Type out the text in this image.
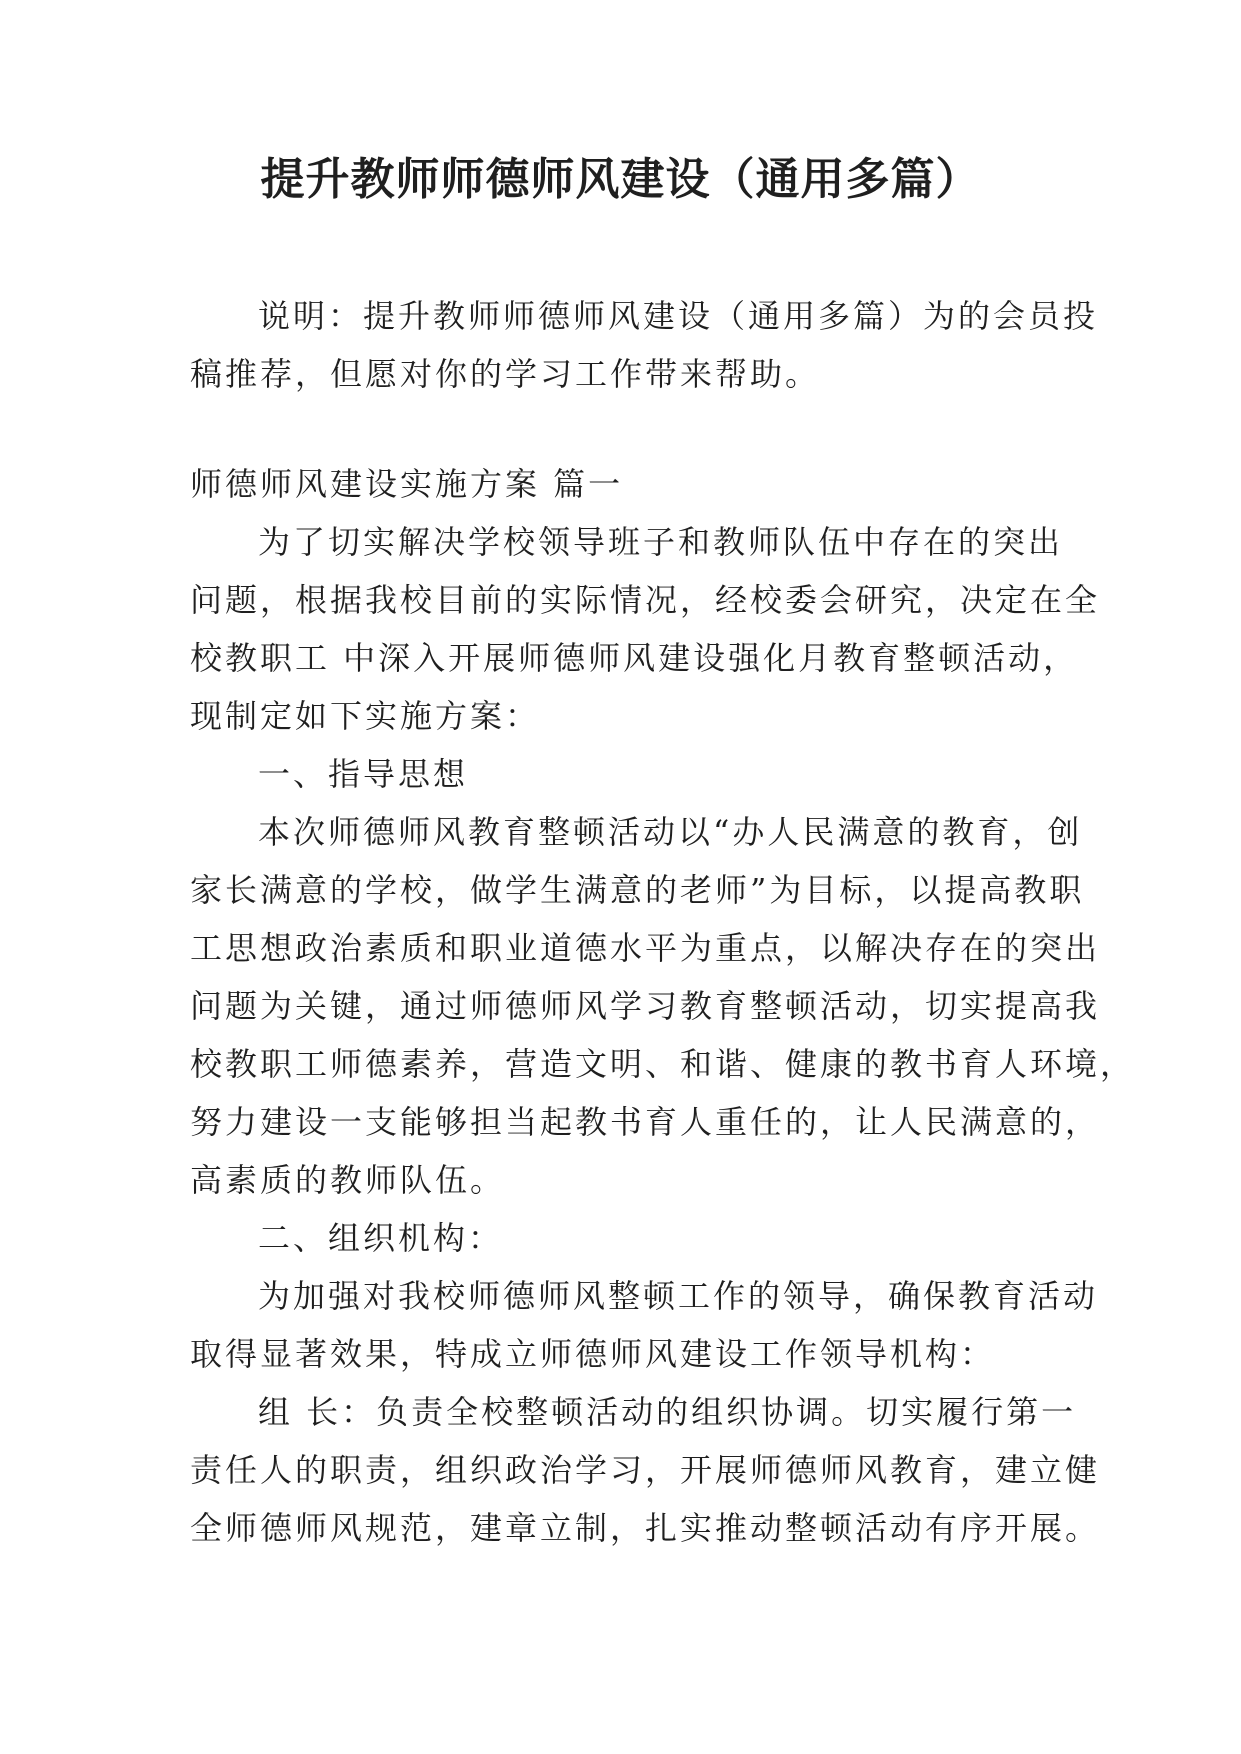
提升教师师德师风建设（通用多篇）
说明：提升教师师德师风建设（通用多篇）为的会员投
稿推荐，但愿对你的学习工作带来帮助。
师德师风建设实施方案 篇一
为了切实解决学校领导班子和教师队伍中存在的突出
问题，根据我校目前的实际情况，经校委会研究，决定在全
校教职工 中深入开展师德师风建设强化月教育整顿活动，
现制定如下实施方案：
一、指导思想
本次师德师风教育整顿活动以“办人民满意的教育，创
家长满意的学校，做学生满意的老师”为目标，以提高教职
工思想政治素质和职业道德水平为重点，以解决存在的突出
问题为关键，通过师德师风学习教育整顿活动，切实提高我
校教职工师德素养，营造文明、和谐、健康的教书育人环境，
努力建设一支能够担当起教书育人重任的，让人民满意的，
高素质的教师队伍。
二、组织机构：
为加强对我校师德师风整顿工作的领导，确保教育活动
取得显著效果，特成立师德师风建设工作领导机构：
组 长：负责全校整顿活动的组织协调。切实履行第一
责任人的职责，组织政治学习，开展师德师风教育，建立健
全师德师风规范，建章立制，扎实推动整顿活动有序开展。
